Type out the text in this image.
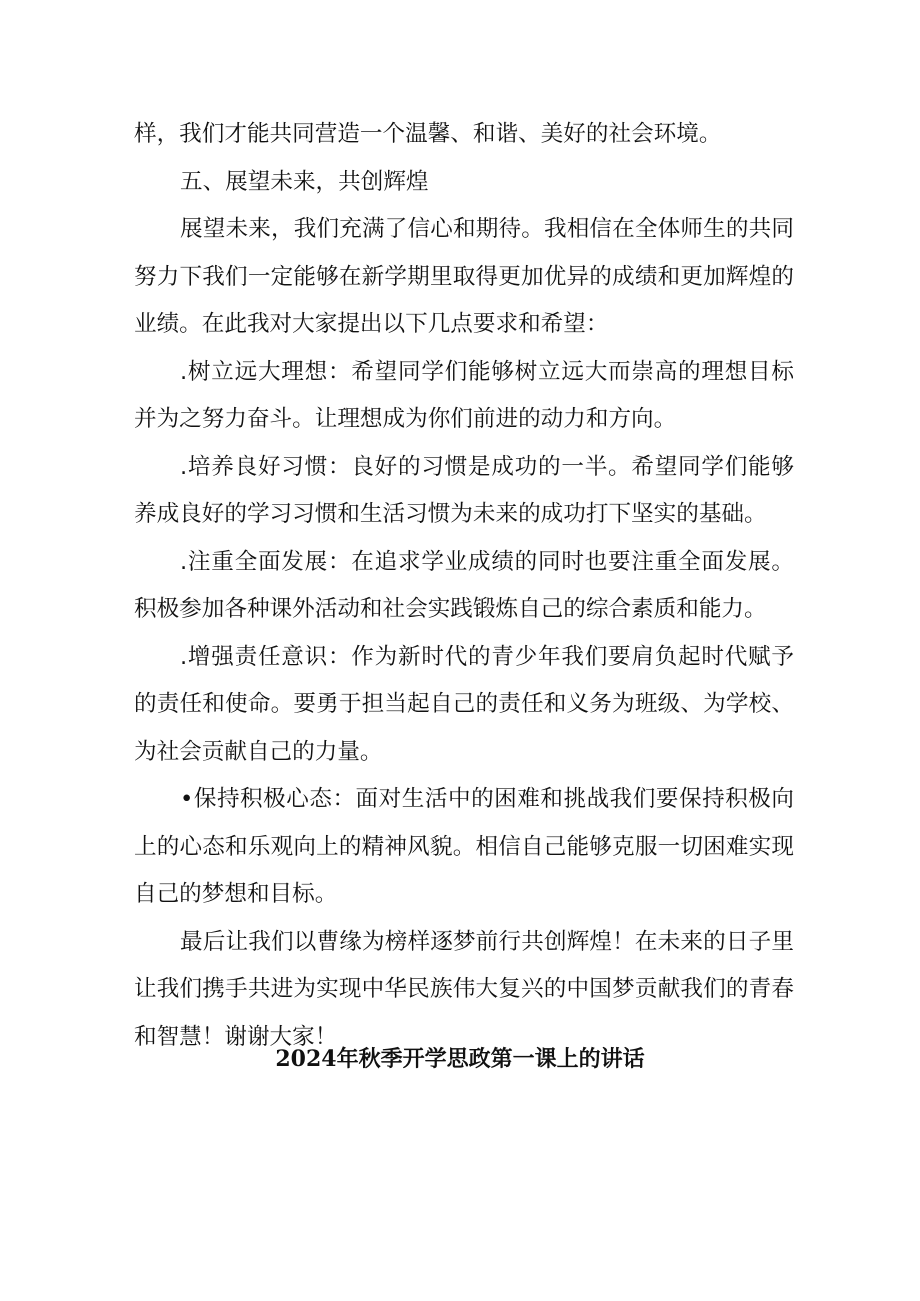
样，我们才能共同营造一个温馨、和谐、美好的社会环境。

五、展望未来，共创辉煌

展望未来，我们充满了信心和期待。我相信在全体师生的共同努力下我们一定能够在新学期里取得更加优异的成绩和更加辉煌的业绩。在此我对大家提出以下几点要求和希望：

.树立远大理想：希望同学们能够树立远大而崇高的理想目标并为之努力奋斗。让理想成为你们前进的动力和方向。

.培养良好习惯：良好的习惯是成功的一半。希望同学们能够养成良好的学习习惯和生活习惯为未来的成功打下坚实的基础。

.注重全面发展：在追求学业成绩的同时也要注重全面发展。积极参加各种课外活动和社会实践锻炼自己的综合素质和能力。

.增强责任意识：作为新时代的青少年我们要肩负起时代赋予的责任和使命。要勇于担当起自己的责任和义务为班级、为学校、为社会贡献自己的力量。

•保持积极心态：面对生活中的困难和挑战我们要保持积极向上的心态和乐观向上的精神风貌。相信自己能够克服一切困难实现自己的梦想和目标。

最后让我们以曹缘为榜样逐梦前行共创辉煌！在未来的日子里让我们携手共进为实现中华民族伟大复兴的中国梦贡献我们的青春和智慧！谢谢大家！

2024年秋季开学思政第一课上的讲话
